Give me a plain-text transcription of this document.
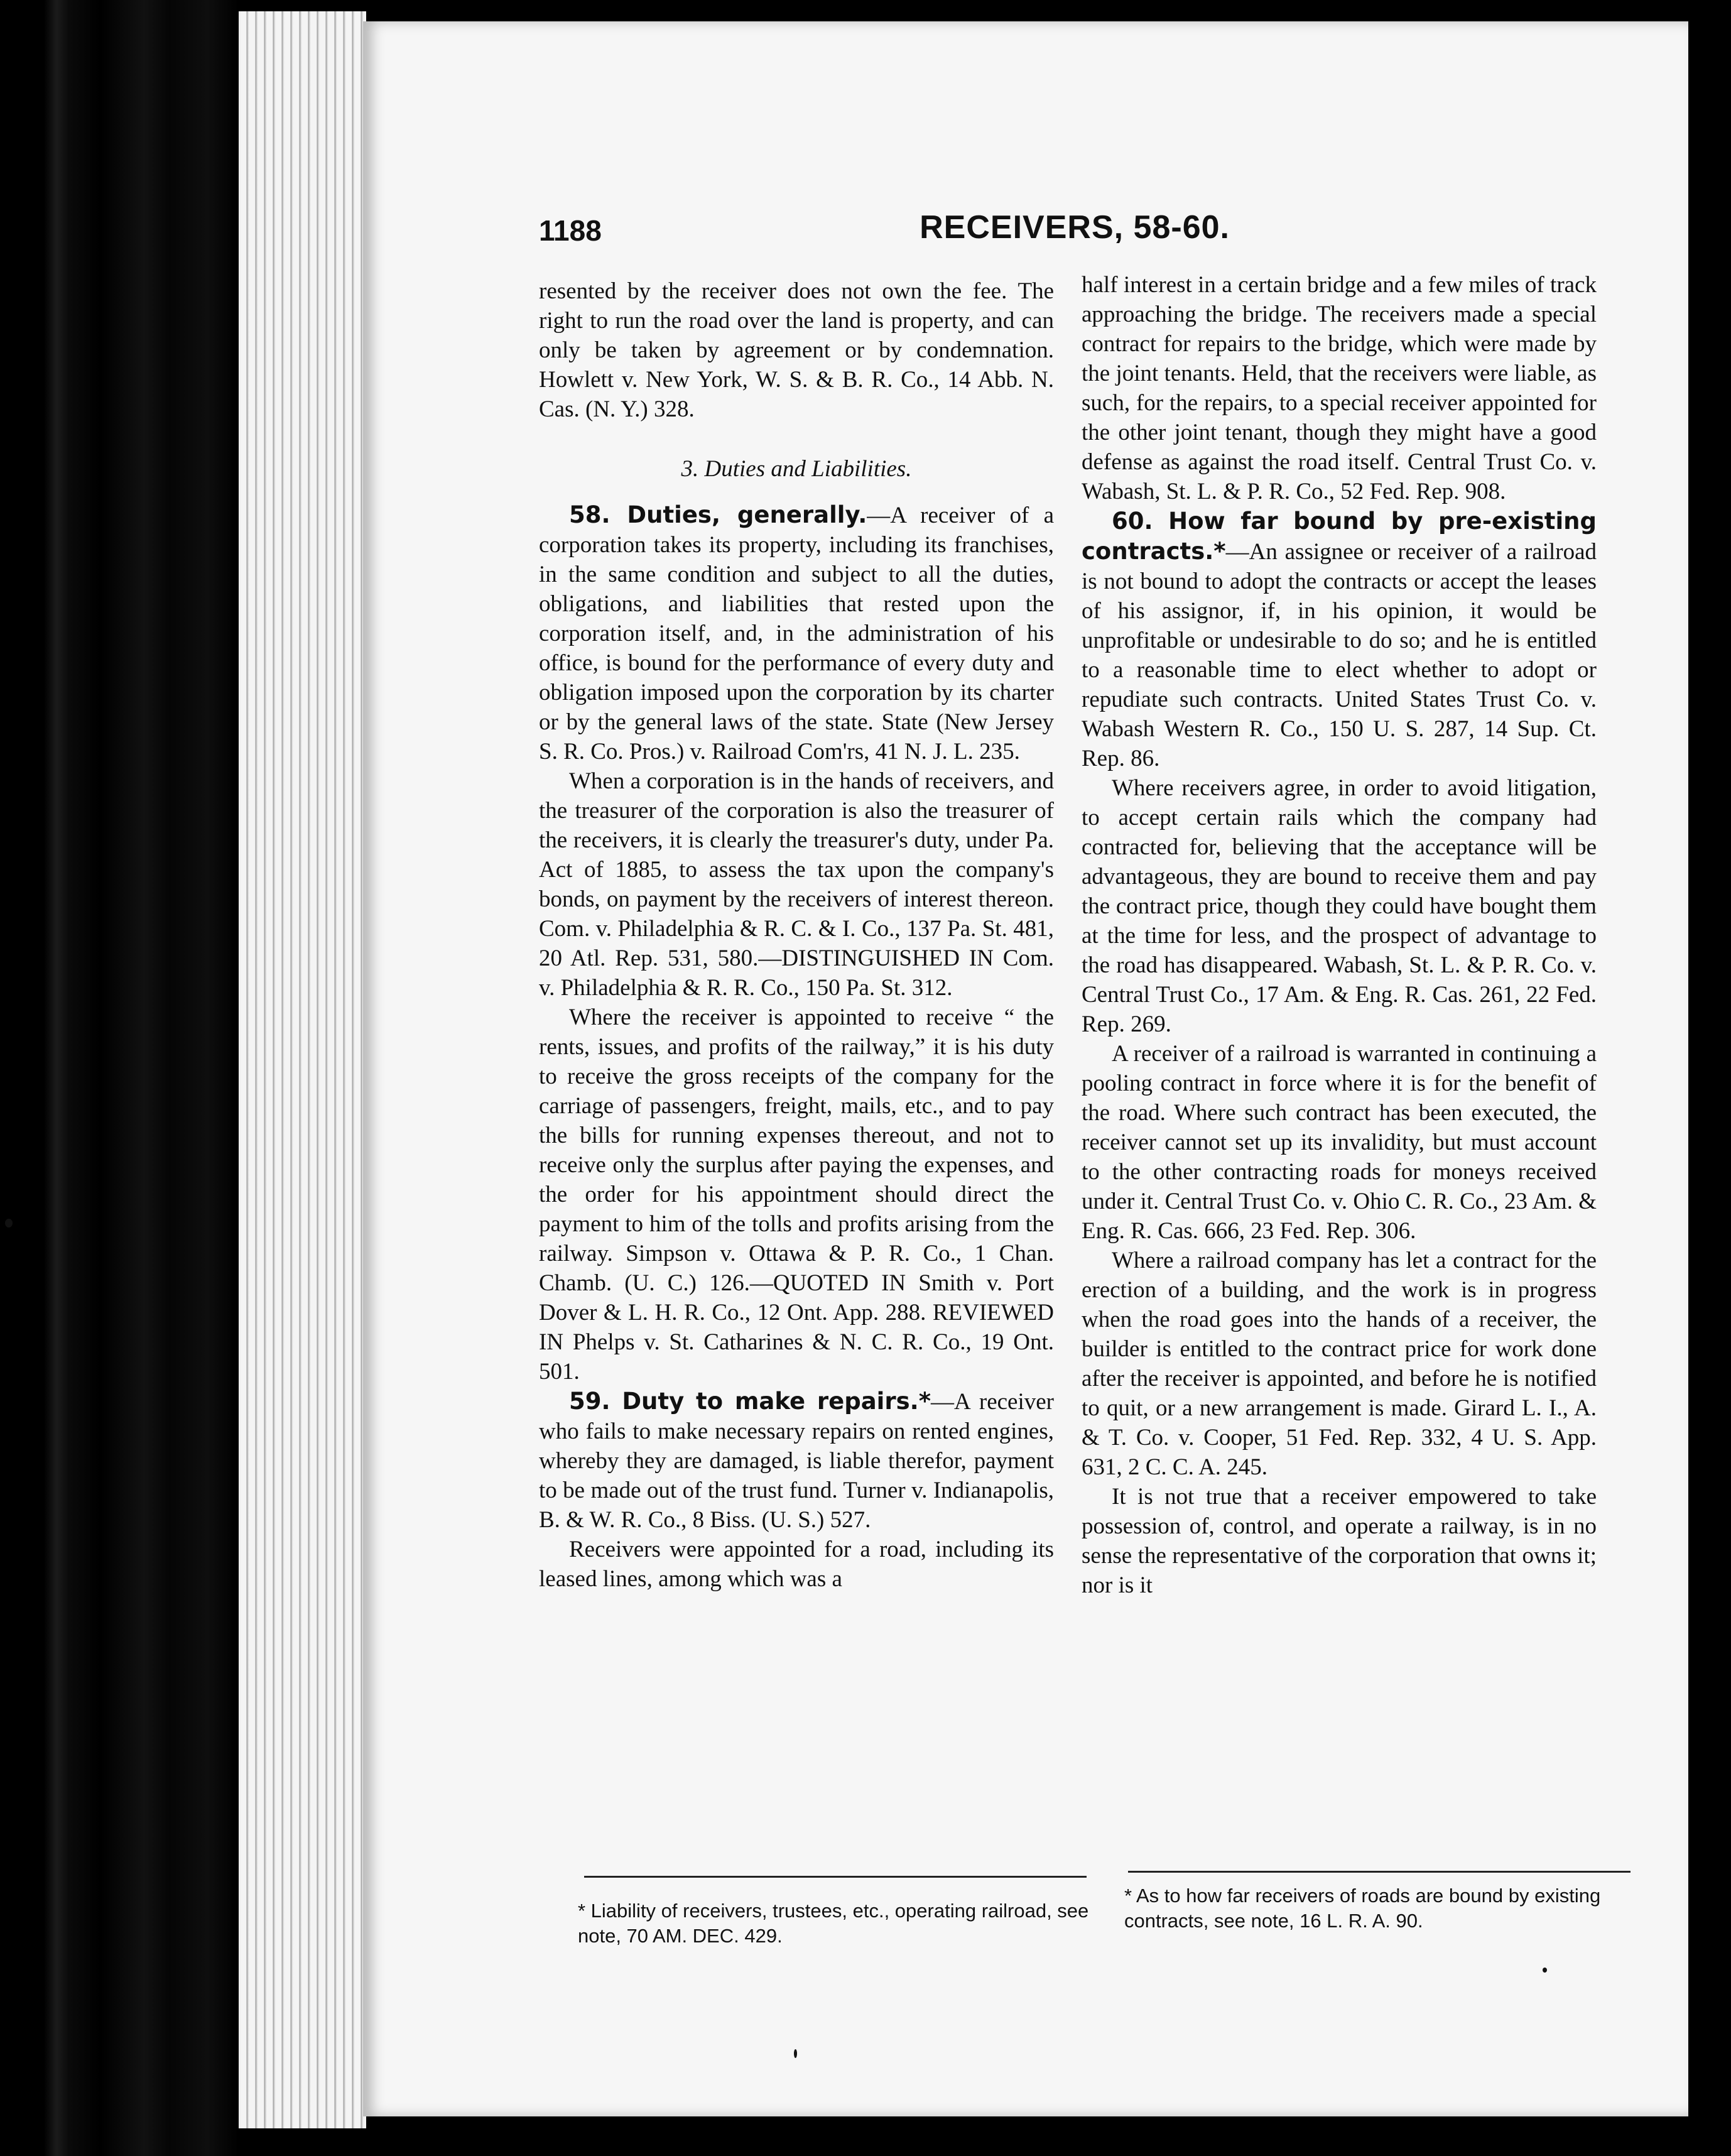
1188	RECEIVERS, 58-60.

resented by the receiver does not own the fee. The right to run the road over the land is property, and can only be taken by agreement or by condemnation. Howlett v. New York, W. S. & B. R. Co., 14 Abb. N. Cas. (N. Y.) 328.

3. Duties and Liabilities.

58. Duties, generally.—A receiver of a corporation takes its property, including its franchises, in the same condition and subject to all the duties, obligations, and liabilities that rested upon the corporation itself, and, in the administration of his office, is bound for the performance of every duty and obligation imposed upon the corporation by its charter or by the general laws of the state. State (New Jersey S. R. Co. Pros.) v. Railroad Com'rs, 41 N. J. L. 235.

When a corporation is in the hands of receivers, and the treasurer of the corporation is also the treasurer of the receivers, it is clearly the treasurer's duty, under Pa. Act of 1885, to assess the tax upon the company's bonds, on payment by the receivers of interest thereon. Com. v. Philadelphia & R. C. & I. Co., 137 Pa. St. 481, 20 Atl. Rep. 531, 580.—DISTINGUISHED IN Com. v. Philadelphia & R. R. Co., 150 Pa. St. 312.

Where the receiver is appointed to receive “ the rents, issues, and profits of the railway,” it is his duty to receive the gross receipts of the company for the carriage of passengers, freight, mails, etc., and to pay the bills for running expenses thereout, and not to receive only the surplus after paying the expenses, and the order for his appointment should direct the payment to him of the tolls and profits arising from the railway. Simpson v. Ottawa & P. R. Co., 1 Chan. Chamb. (U. C.) 126.—QUOTED IN Smith v. Port Dover & L. H. R. Co., 12 Ont. App. 288. REVIEWED IN Phelps v. St. Catharines & N. C. R. Co., 19 Ont. 501.

59. Duty to make repairs.*—A receiver who fails to make necessary repairs on rented engines, whereby they are damaged, is liable therefor, payment to be made out of the trust fund. Turner v. Indianapolis, B. & W. R. Co., 8 Biss. (U. S.) 527.

Receivers were appointed for a road, including its leased lines, among which was a

half interest in a certain bridge and a few miles of track approaching the bridge. The receivers made a special contract for repairs to the bridge, which were made by the joint tenants. Held, that the receivers were liable, as such, for the repairs, to a special receiver appointed for the other joint tenant, though they might have a good defense as against the road itself. Central Trust Co. v. Wabash, St. L. & P. R. Co., 52 Fed. Rep. 908.

60. How far bound by pre-existing contracts.*—An assignee or receiver of a railroad is not bound to adopt the contracts or accept the leases of his assignor, if, in his opinion, it would be unprofitable or undesirable to do so; and he is entitled to a reasonable time to elect whether to adopt or repudiate such contracts. United States Trust Co. v. Wabash Western R. Co., 150 U. S. 287, 14 Sup. Ct. Rep. 86.

Where receivers agree, in order to avoid litigation, to accept certain rails which the company had contracted for, believing that the acceptance will be advantageous, they are bound to receive them and pay the contract price, though they could have bought them at the time for less, and the prospect of advantage to the road has disappeared. Wabash, St. L. & P. R. Co. v. Central Trust Co., 17 Am. & Eng. R. Cas. 261, 22 Fed. Rep. 269.

A receiver of a railroad is warranted in continuing a pooling contract in force where it is for the benefit of the road. Where such contract has been executed, the receiver cannot set up its invalidity, but must account to the other contracting roads for moneys received under it. Central Trust Co. v. Ohio C. R. Co., 23 Am. & Eng. R. Cas. 666, 23 Fed. Rep. 306.

Where a railroad company has let a contract for the erection of a building, and the work is in progress when the road goes into the hands of a receiver, the builder is entitled to the contract price for work done after the receiver is appointed, and before he is notified to quit, or a new arrangement is made. Girard L. I., A. & T. Co. v. Cooper, 51 Fed. Rep. 332, 4 U. S. App. 631, 2 C. C. A. 245.

It is not true that a receiver empowered to take possession of, control, and operate a railway, is in no sense the representative of the corporation that owns it; nor is it

* Liability of receivers, trustees, etc., operating railroad, see note, 70 AM. DEC. 429.
* As to how far receivers of roads are bound by existing contracts, see note, 16 L. R. A. 90.
